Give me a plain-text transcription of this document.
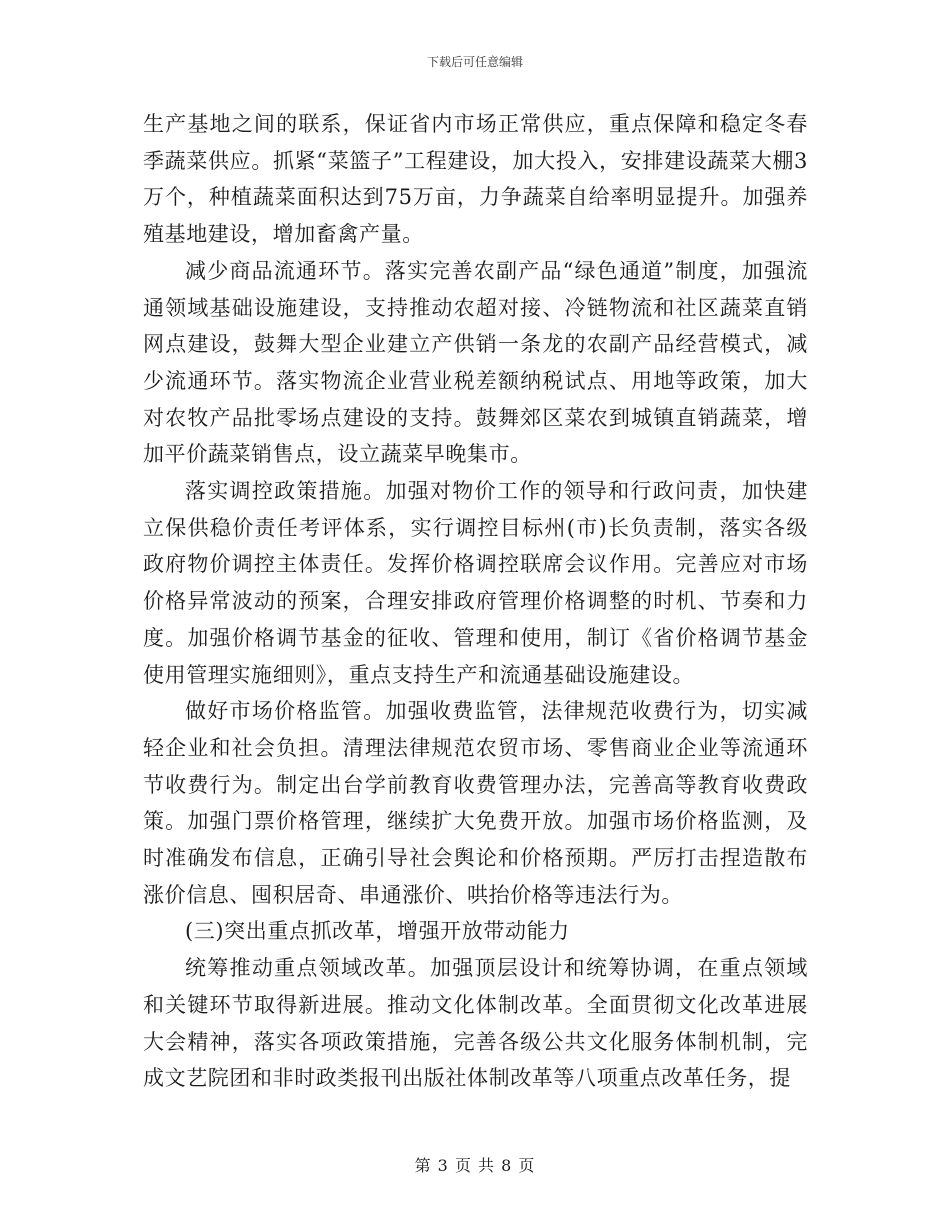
下载后可任意编辑

生产基地之间的联系，保证省内市场正常供应，重点保障和稳定冬春季蔬菜供应。抓紧“菜篮子”工程建设，加大投入，安排建设蔬菜大棚3万个，种植蔬菜面积达到75万亩，力争蔬菜自给率明显提升。加强养殖基地建设，增加畜禽产量。

减少商品流通环节。落实完善农副产品“绿色通道”制度，加强流通领域基础设施建设，支持推动农超对接、冷链物流和社区蔬菜直销网点建设，鼓舞大型企业建立产供销一条龙的农副产品经营模式，减少流通环节。落实物流企业营业税差额纳税试点、用地等政策，加大对农牧产品批零场点建设的支持。鼓舞郊区菜农到城镇直销蔬菜，增加平价蔬菜销售点，设立蔬菜早晚集市。

落实调控政策措施。加强对物价工作的领导和行政问责，加快建立保供稳价责任考评体系，实行调控目标州(市)长负责制，落实各级政府物价调控主体责任。发挥价格调控联席会议作用。完善应对市场价格异常波动的预案，合理安排政府管理价格调整的时机、节奏和力度。加强价格调节基金的征收、管理和使用，制订《省价格调节基金使用管理实施细则》，重点支持生产和流通基础设施建设。

做好市场价格监管。加强收费监管，法律规范收费行为，切实减轻企业和社会负担。清理法律规范农贸市场、零售商业企业等流通环节收费行为。制定出台学前教育收费管理办法，完善高等教育收费政策。加强门票价格管理，继续扩大免费开放。加强市场价格监测，及时准确发布信息，正确引导社会舆论和价格预期。严厉打击捏造散布涨价信息、囤积居奇、串通涨价、哄抬价格等违法行为。

(三)突出重点抓改革，增强开放带动能力

统筹推动重点领域改革。加强顶层设计和统筹协调，在重点领域和关键环节取得新进展。推动文化体制改革。全面贯彻文化改革进展大会精神，落实各项政策措施，完善各级公共文化服务体制机制，完成文艺院团和非时政类报刊出版社体制改革等八项重点改革任务，提

第 3 页 共 8 页
